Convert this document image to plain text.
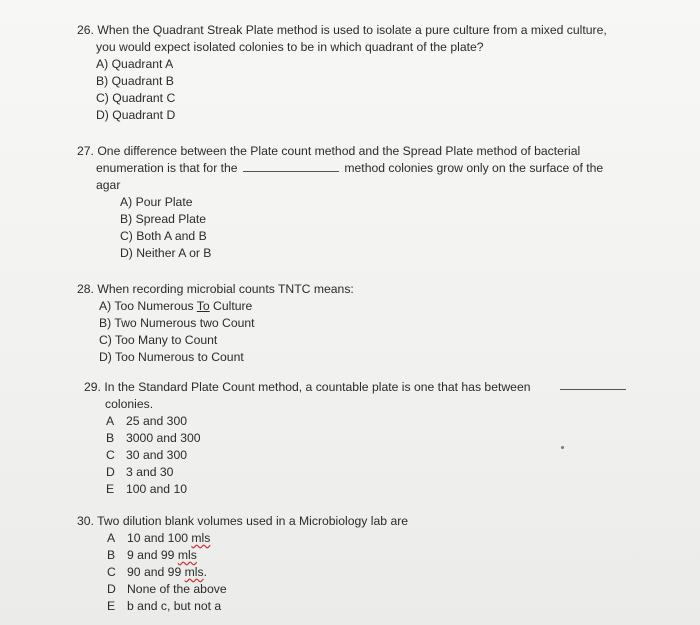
26. When the Quadrant Streak Plate method is used to isolate a pure culture from a mixed culture,
you would expect isolated colonies to be in which quadrant of the plate?
A) Quadrant A
B) Quadrant B
C) Quadrant C
D) Quadrant D
27. One difference between the Plate count method and the Spread Plate method of bacterial
enumeration is that for the	method colonies grow only on the surface of the
agar
A) Pour Plate
B) Spread Plate
C) Both A and B
D) Neither A or B
28. When recording microbial counts TNTC means:
A) Too Numerous To Culture
B) Two Numerous two Count
C) Too Many to Count
D) Too Numerous to Count
29. In the Standard Plate Count method, a countable plate is one that has between
colonies.
A 25 and 300
B 3000 and 300
C 30 and 300
D 3 and 30
E 100 and 10
30. Two dilution blank volumes used in a Microbiology lab are
A 10 and 100 mls
B 9 and 99 mls
C 90 and 99 mls.
D None of the above
E b and c, but not a
